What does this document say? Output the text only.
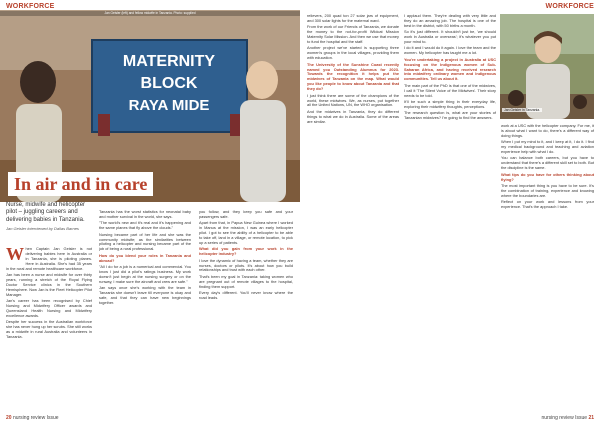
WORKFORCE
MATERNITY
BLOCK
RAYA MIDE
Jan Geisler (left) and fellow midwife in Tanzania. Photo: supplied
In air and in care
Nurse, midwife and helicopter pilot – juggling careers and delivering babies in Tanzania.
Jan Geisler interviewed by Dallas Barnes
W hen Captain Jan Geisler is not delivering babies here in Australia or in Tanzania, she is piloting planes. Here in Australia. She's had 35 years in the rural and remote healthcare workforce.

Jan has been a nurse and midwife for over thirty years, running a stretch of the Royal Flying Doctor Service clinics in the Southern Hemisphere. Now Jan is the Fleet Helicopter Pilot Manager.

Jan's career has been recognised by Chief Nursing and Midwifery Officer awards and Queensland Health Nursing and Midwifery excellence awards.

Despite her success in the Australian workforce she has never hung up her scrubs. She still works as a midwife in rural Australia and volunteers in Tanzania.

Tanzania has the worst statistics for neonatal baby and mother survival in the world, she says.

"The world's new and it's real and it's happening and the same planes that fly above the clouds."

Nursing became part of her life and she was the community midwife; as the similarities between piloting a helicopter and nursing became part of the job of being a rural professional.

How do you blend your roles in Tanzania and abroad?

"All I do for a job is a numerical and commercial. You know I just did a pilot's ratings business. My work doesn't just begin at the nursing surgery or on the runway, I make sure the aircraft and crew are safe."

Jan says once she's working with the team in Tanzania she doesn't leave till everyone is okay and safe, and that they can have new beginnings together.

you follow, and they keep you safe and your passengers safe.

Apart from that, in Papua New Guinea where I worked in Manus at the mission, I was an early helicopter pilot. I got to see the ability of a helicopter to be able to take off, land in a village, or remote location, to pick up a series of patients.

What did you gain from your work in the helicopter industry?

I love the dynamic of having a team, whether they are nurses, doctors or pilots. It's about how you build relationships and trust with each other.

That's been my goal in Tanzania: taking women who are pregnant out of remote villages to the hospital, finding them support.

Every day's different. You'll never know where the road leads.

20 nursing review Issue
WORKFORCE

relievers, 200 quad ton 27 solar jars of equipment, and 300 solar lights for the maternal ward.

From the work of our Friends of Tanzania, we donate the money to the not-for-profit Wildcat Mission Maternity Solar Mission. And then we use that money to fund the hospital and the staff.

Another project we've started is supporting three women's groups in the local villages, providing them with education.

The University of the Sunshine Coast recently named you Outstanding Alumnus for 2023. Towards the recognition it helps put the midwives of Tanzania on the map. What would you like people to know about Tanzania and that they do?

I just think there are some of the champions of the world, these midwives. We, as nurses, put together all the United Nations, UN, the WHO organisation.

And the midwives in Tanzania, they do different things to what we do in Australia. Some of the areas are similar.

I applaud them. They're dealing with very little and they do an amazing job. The hospital is one of the best in the district, with 50 births a month.

So it's just different. It shouldn't just be, 'we should work in Australia or overseas'; it's whatever you put your mind to.

I do it and I would do it again. I love the team and the women. My helicopter has taught me a lot.

You're undertaking a project in Australia at USC focusing on the Indigenous women of Sub-Saharan Africa, and having received research into midwifery ordinary women and Indigenous communities. Tell us about it.

The main part of the PhD is that one of the midwives, I call it 'The Silent Voice of the Midwives'. Their story needs to be told.

It'll be such a simple thing in their everyday life, exploring their midwifery thoughts, perceptions.

The research question is, what are your stories of Tanzanian midwives? I'm going to find the answers.

Jan Geisler in Tanzania.

work at a USC with the helicopter company. For me, it is about what I want to do, there's a different way of doing things.

When I put my mind to it, and I keep at it, I do it. I find my medical background and teaching and aviation experience help with what I do.

You can balance both careers, but you have to understand that there's a different skill set to both. But the discipline is the same.

What tips do you have for others thinking about flying?

The most important thing is you have to be sure. It's the combination of training, experience and knowing where the boundaries are.

Reflect on your work and lessons from your experience. That's the approach I take.

nursing review Issue 21
